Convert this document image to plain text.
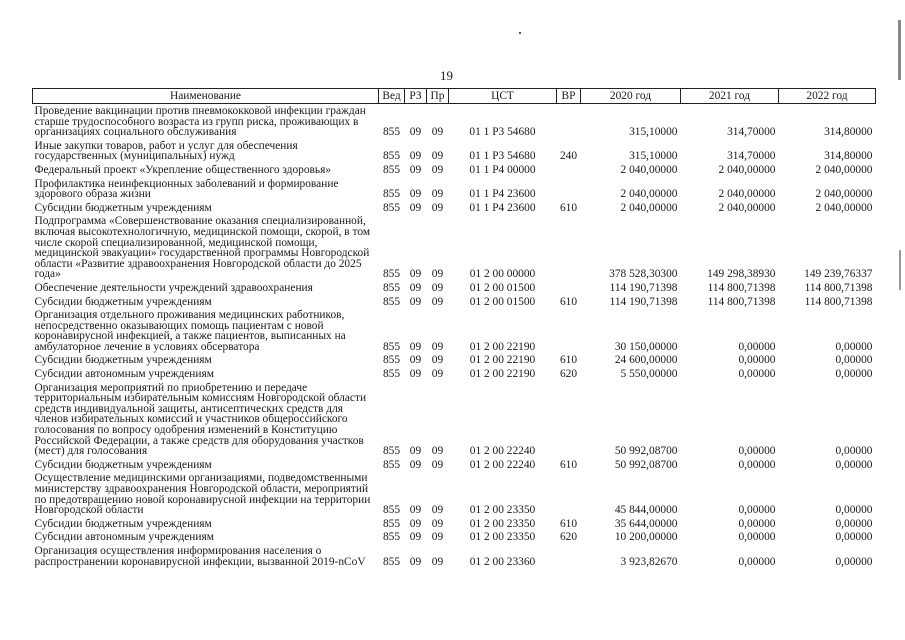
19
Наименование	Вед	РЗ	Пр	ЦСТ	ВР	2020 год	2021 год	2022 год
Проведение вакцинации против пневмококковой инфекции граждан старше трудоспособного возраста из групп риска, проживающих в организациях социального обслуживания	855	09	09	01 1 Р3 54680		315,10000	314,70000	314,80000
Иные закупки товаров, работ и услуг для обеспечения государственных (муниципальных) нужд	855	09	09	01 1 Р3 54680	240	315,10000	314,70000	314,80000
Федеральный проект «Укрепление общественного здоровья»	855	09	09	01 1 Р4 00000		2 040,00000	2 040,00000	2 040,00000
Профилактика неинфекционных заболеваний и формирование здорового образа жизни	855	09	09	01 1 Р4 23600		2 040,00000	2 040,00000	2 040,00000
Субсидии бюджетным учреждениям	855	09	09	01 1 Р4 23600	610	2 040,00000	2 040,00000	2 040,00000
Подпрограмма «Совершенствование оказания специализированной, включая высокотехнологичную, медицинской помощи, скорой, в том числе скорой специализированной, медицинской помощи, медицинской эвакуации» государственной программы Новгородской области «Развитие здравоохранения Новгородской области до 2025 года»	855	09	09	01 2 00 00000		378 528,30300	149 298,38930	149 239,76337
Обеспечение деятельности учреждений здравоохранения	855	09	09	01 2 00 01500		114 190,71398	114 800,71398	114 800,71398
Субсидии бюджетным учреждениям	855	09	09	01 2 00 01500	610	114 190,71398	114 800,71398	114 800,71398
Организация отдельного проживания медицинских работников, непосредственно оказывающих помощь пациентам с новой коронавирусной инфекцией, а также пациентов, выписанных на амбулаторное лечение в условиях обсерватора	855	09	09	01 2 00 22190		30 150,00000	0,00000	0,00000
Субсидии бюджетным учреждениям	855	09	09	01 2 00 22190	610	24 600,00000	0,00000	0,00000
Субсидии автономным учреждениям	855	09	09	01 2 00 22190	620	5 550,00000	0,00000	0,00000
Организация мероприятий по приобретению и передаче территориальным избирательным комиссиям Новгородской области средств индивидуальной защиты, антисептических средств для членов избирательных комиссий и участников общероссийского голосования по вопросу одобрения изменений в Конституцию Российской Федерации, а также средств для оборудования участков (мест) для голосования	855	09	09	01 2 00 22240		50 992,08700	0,00000	0,00000
Субсидии бюджетным учреждениям	855	09	09	01 2 00 22240	610	50 992,08700	0,00000	0,00000
Осуществление медицинскими организациями, подведомственными министерству здравоохранения Новгородской области, мероприятий по предотвращению новой коронавирусной инфекции на территории Новгородской области	855	09	09	01 2 00 23350		45 844,00000	0,00000	0,00000
Субсидии бюджетным учреждениям	855	09	09	01 2 00 23350	610	35 644,00000	0,00000	0,00000
Субсидии автономным учреждениям	855	09	09	01 2 00 23350	620	10 200,00000	0,00000	0,00000
Организация осуществления информирования населения о распространении коронавирусной инфекции, вызванной 2019-nCoV	855	09	09	01 2 00 23360		3 923,82670	0,00000	0,00000
